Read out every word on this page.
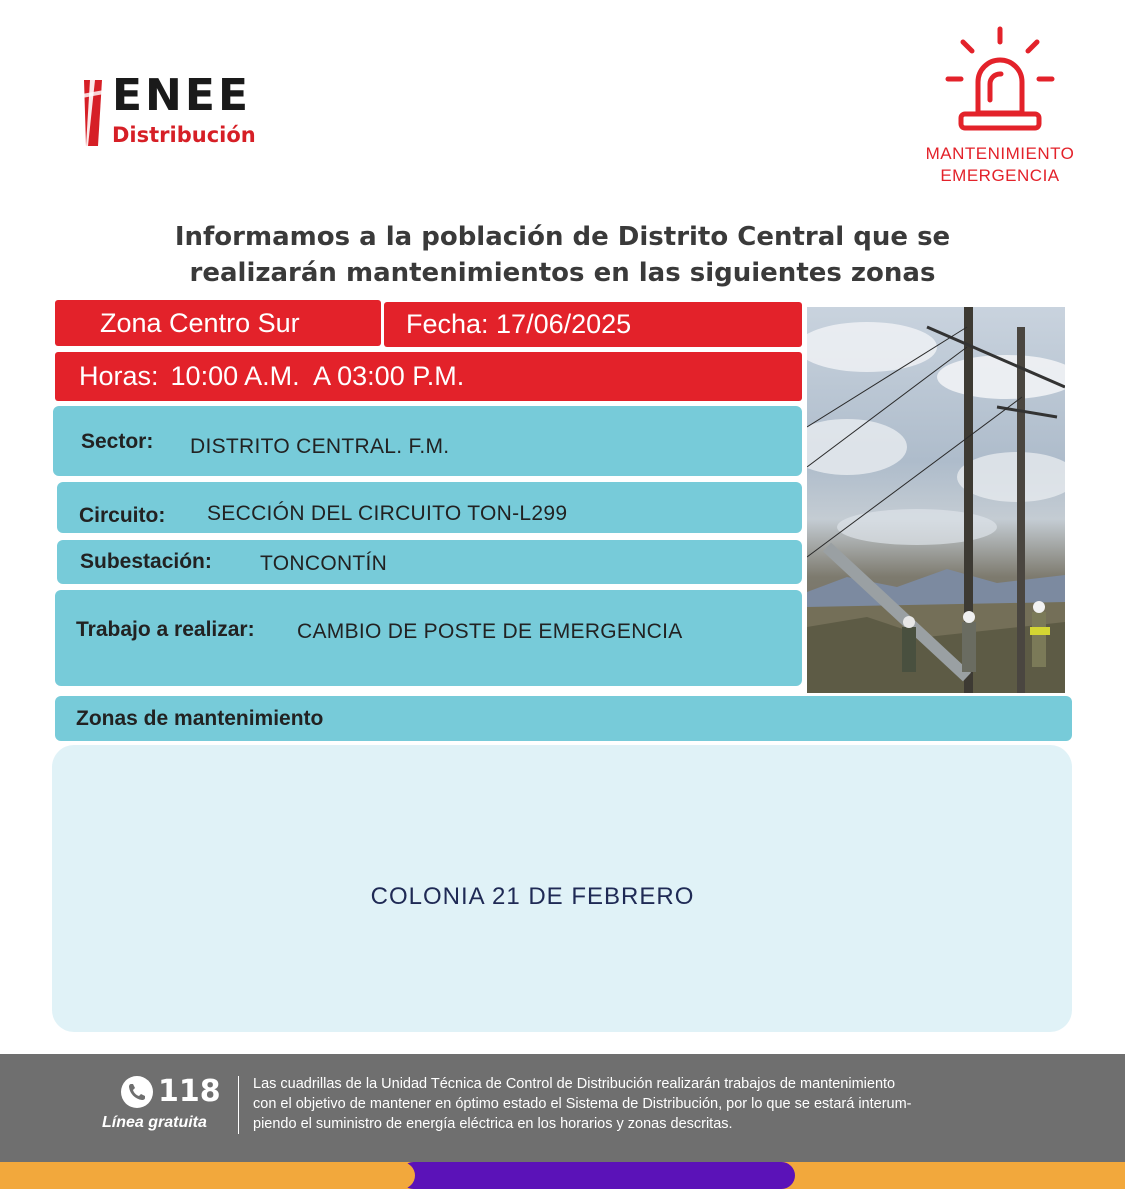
ENEE
Distribución
MANTENIMIENTO
EMERGENCIA
Informamos a la población de Distrito Central que se
realizarán mantenimientos en las siguientes zonas
Zona Centro Sur	Fecha: 17/06/2025
Horas: 10:00 A.M.  A 03:00 P.M.
Sector: DISTRITO CENTRAL. F.M.
Circuito: SECCIÓN DEL CIRCUITO TON-L299
Subestación: TONCONTÍN
Trabajo a realizar: CAMBIO DE POSTE DE EMERGENCIA
Zonas de mantenimiento
COLONIA 21 DE FEBRERO
118
Línea gratuita
Las cuadrillas de la Unidad Técnica de Control de Distribución realizarán trabajos de mantenimiento
con el objetivo de mantener en óptimo estado el Sistema de Distribución, por lo que se estará interum-
piendo el suministro de energía eléctrica en los horarios y zonas descritas.
